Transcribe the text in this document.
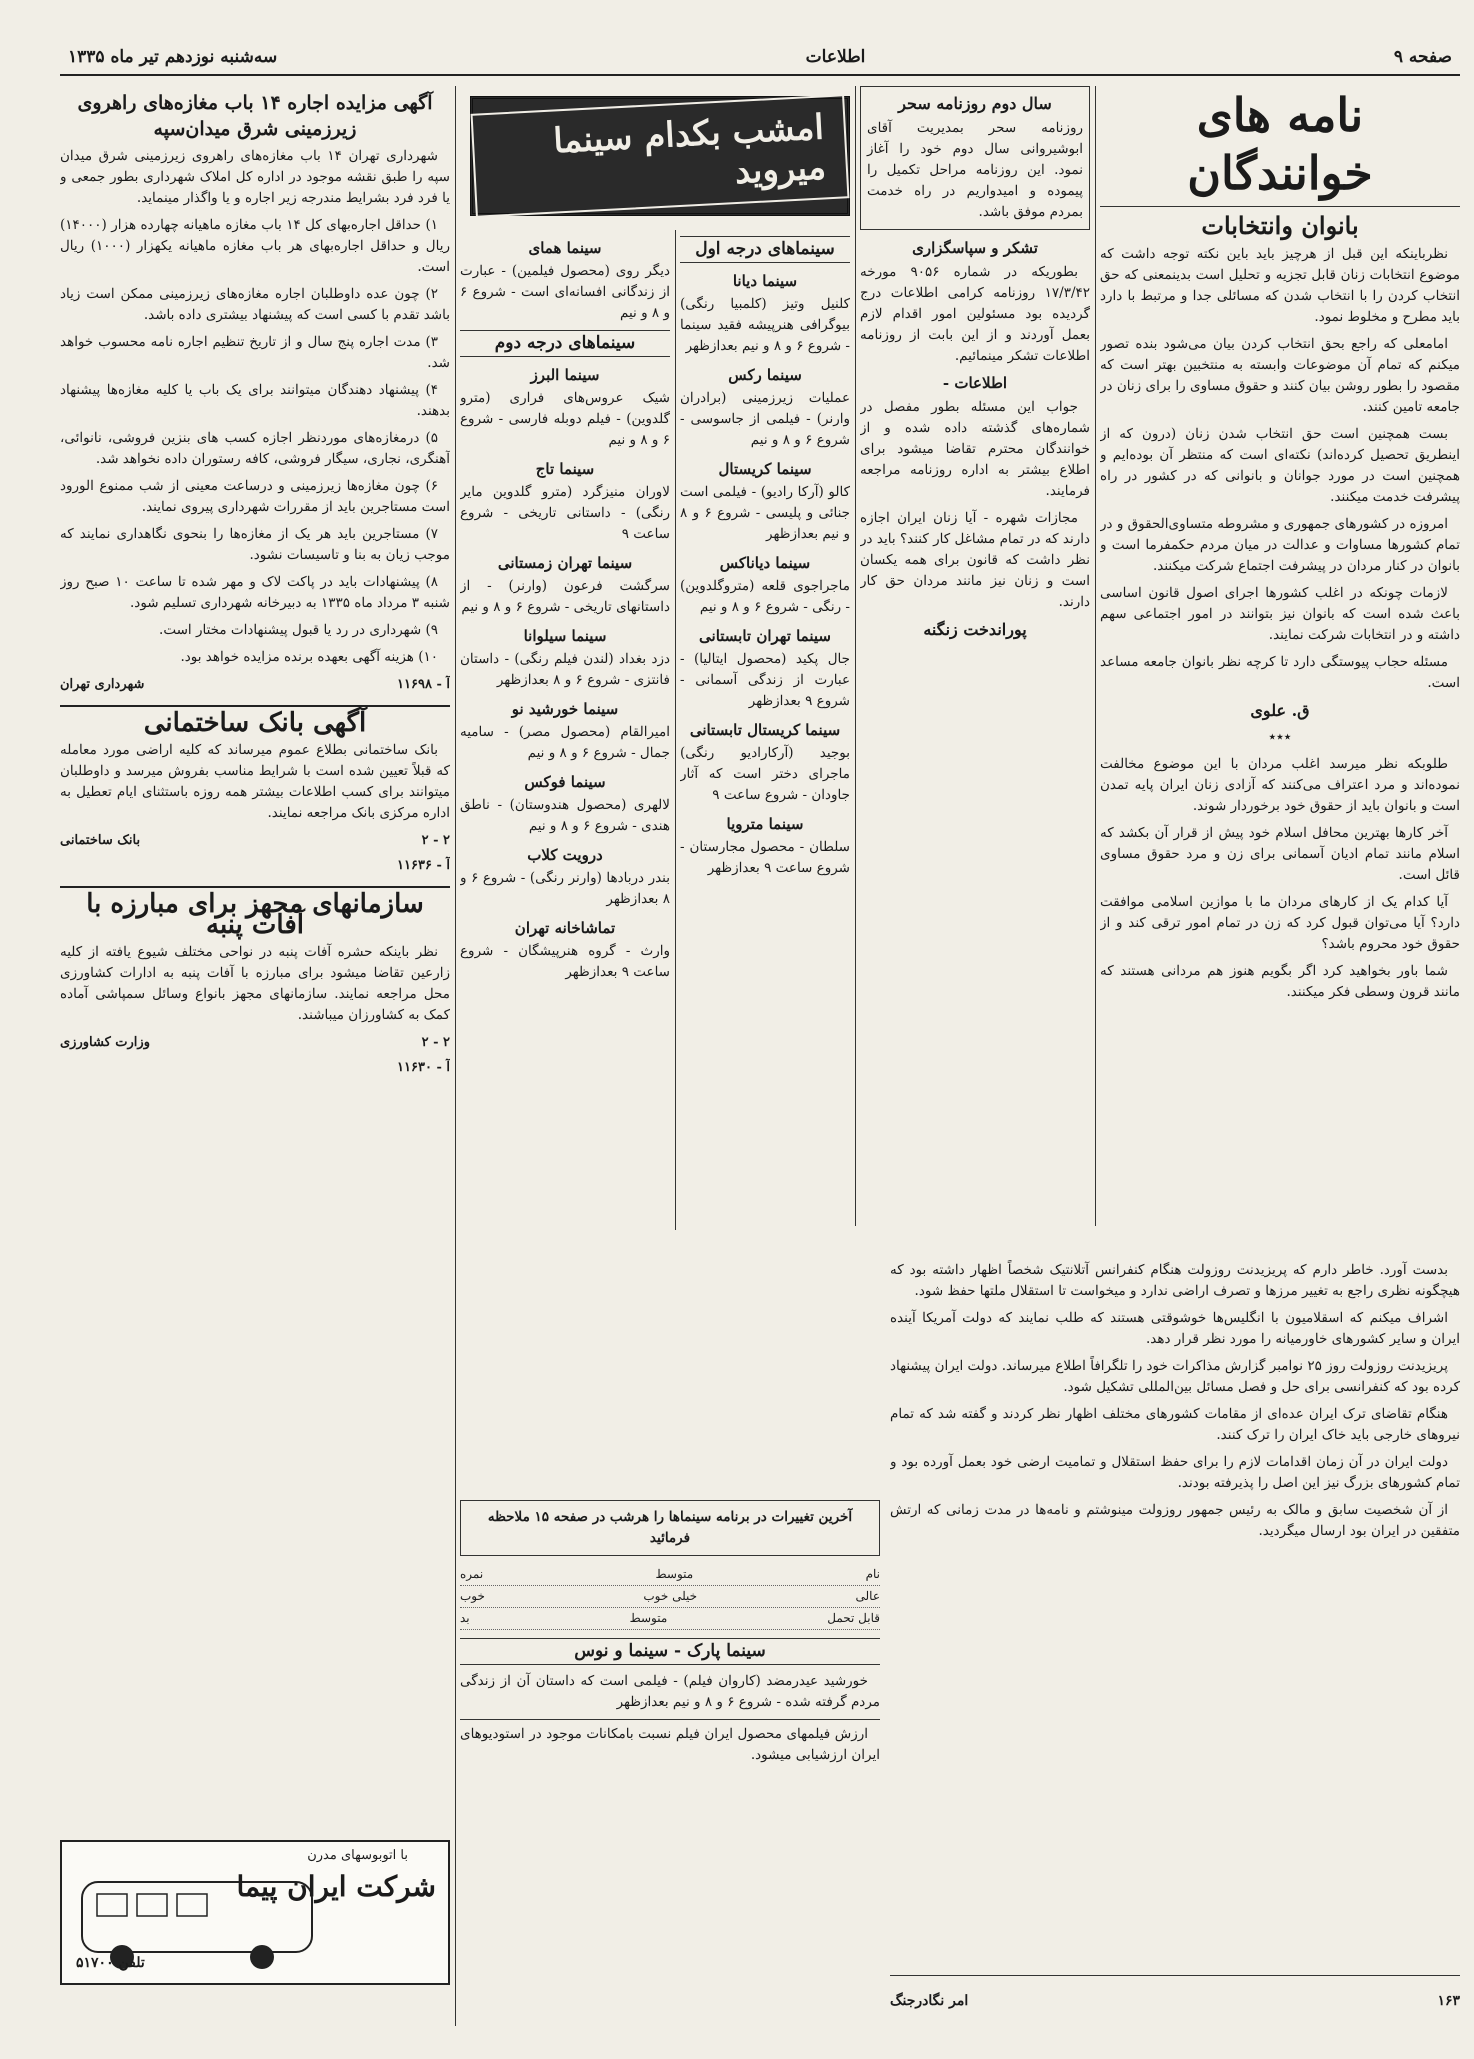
صفحه ۹
اطلاعات
سه‌شنبه نوزدهم تیر ماه ۱۳۳۵
نامه های خوانندگان
بانوان وانتخابات

نظرباینکه این‌ قبل از هرچیز باید باین نکته توجه داشت که موضوع انتخابات زنان قابل تجزیه و تحلیل است بدینمعنی که حق انتخاب کردن را با انتخاب شدن که مسائلی جدا و مرتبط با دارد باید مطرح و مخلوط نمود.

امامعلی که راجع بحق انتخاب کردن بیان می‌شود بنده تصور میکنم که تمام آن موضوعات وابسته به منتخبین بهتر است که مقصود را بطور روشن بیان کنند و حقوق مساوی را برای زنان در جامعه تامین کنند.

بست همچنین است حق انتخاب شدن زنان (درون که از اینطریق تحصیل کرده‌اند) نکته‌ای است که منتظر آن بوده‌ایم و همچنین است در مورد جوانان و بانوانی که در کشور در راه پیشرفت خدمت میکنند.

امروزه در کشورهای جمهوری و مشروطه متساوی‌الحقوق و در تمام کشورها مساوات و عدالت در میان مردم حکمفرما است و بانوان در کنار مردان در پیشرفت اجتماع شرکت میکنند.

لازمات چونکه در اغلب کشورها اجرای اصول قانون اساسی باعث شده است که بانوان نیز بتوانند در امور اجتماعی سهم داشته و در انتخابات شرکت نمایند.

مسئله حجاب پیوستگی دارد تا کرچه نظر بانوان جامعه مساعد است.

ق. علوی
٭٭٭

طلوبکه نظر میرسد اغلب مردان با این موضوع مخالفت نموده‌اند و مرد اعتراف می‌کنند که آزادی زنان ایران پایه تمدن است و بانوان باید از حقوق خود برخوردار شوند.

آخر کارها بهترین محافل اسلام خود پیش از قرار آن بکشد که اسلام مانند تمام ادیان آسمانی برای زن و مرد حقوق مساوی قائل است.

آیا کدام یک از کارهای مردان ما با موازین اسلامی موافقت دارد؟ آیا می‌توان قبول کرد که زن در تمام امور ترقی کند و از حقوق خود محروم باشد؟

شما باور بخواهید کرد اگر بگویم هنوز هم مردانی هستند که مانند قرون وسطی فکر میکنند.

سال دوم روزنامه سحر
روزنامه سحر بمدیریت آقای ابوشیروانی سال دوم خود را آغاز نمود. این روزنامه مراحل تکمیل را پیموده و امیدواریم در راه خدمت بمردم موفق باشد.
تشکر و سپاسگزاری

بطوریکه در شماره ۹۰۵۶ مورخه ۱۷/۳/۴۲ روزنامه کرامی اطلاعات درج گردیده بود مسئولین امور اقدام لازم بعمل آوردند و از این بابت از روزنامه اطلاعات تشکر مینمائیم.

اطلاعات -

جواب این مسئله بطور مفصل در شماره‌های گذشته داده شده و از خوانندگان محترم تقاضا میشود برای اطلاع بیشتر به اداره روزنامه مراجعه فرمایند.

مجازات شهره - آیا زنان ایران اجازه دارند که در تمام مشاغل کار کنند؟ باید در نظر داشت که قانون برای همه یکسان است و زنان نیز مانند مردان حق کار دارند.

پوراندخت زنگنه
امشب بکدام سینما میروید
سینماهای درجه اول
سینما دیانا

کلنیل وتیز (کلمبیا رنگی) بیوگرافی هنرپیشه فقید سینما - شروع ۶ و ۸ و نیم بعدازظهر

سینما رکس

عملیات زیرزمینی (برادران وارنر) - فیلمی از جاسوسی - شروع ۶ و ۸ و نیم

سینما کریستال

کالو (آرکا رادیو) - فیلمی است جنائی و پلیسی - شروع ۶ و ۸ و نیم بعدازظهر

سینما دیاناکس

ماجراجوی قلعه (متروگلدوین) - رنگی - شروع ۶ و ۸ و نیم

سینما تهران تابستانی

جال پکید (محصول ایتالیا) - عبارت از زندگی آسمانی - شروع ۹ بعدازظهر

سینما کریستال تابستانی

بوجید (آرکارادیو رنگی) ماجرای دختر است که آثار جاودان - شروع ساعت ۹

سینما مترویا

سلطان - محصول مجارستان - شروع ساعت ۹ بعدازظهر

سینما همای

دیگر روی (محصول فیلمین) - عبارت از زندگانی افسانه‌ای است - شروع ۶ و ۸ و نیم

سینماهای درجه دوم
سینما البرز

شیک عروس‌های فراری (مترو گلدوین) - فیلم دوبله فارسی - شروع ۶ و ۸ و نیم

سینما تاج

لاوران منیزگرد (مترو گلدوین مایر رنگی) - داستانی تاریخی - شروع ساعت ۹

سینما تهران زمستانی

سرگشت فرعون (وارنر) - از داستانهای تاریخی - شروع ۶ و ۸ و نیم

سینما سیلوانا

دزد بغداد (لندن فیلم رنگی) - داستان فانتزی - شروع ۶ و ۸ بعدازظهر

سینما خورشید نو

امیرالقام (محصول مصر) - سامیه جمال - شروع ۶ و ۸ و نیم

سینما فوکس

لالهری (محصول هندوستان) - ناطق هندی - شروع ۶ و ۸ و نیم

درویت کلاب

بندر دربادها (وارنر رنگی) - شروع ۶ و ۸ بعدازظهر

تماشاخانه تهران

وارث - گروه هنرپیشگان - شروع ساعت ۹ بعدازظهر

بدست آورد. خاطر دارم که پریزیدنت روزولت هنگام کنفرانس آتلانتیک شخصاً اظهار داشته بود که هیچگونه نظری راجع به تغییر مرزها و تصرف اراضی ندارد و میخواست تا استقلال ملتها حفظ شود.

اشراف میکنم که اسقلامیون با انگلیس‌ها خوشوقتی هستند که طلب نمایند که دولت آمریکا آینده ایران و سایر کشورهای خاورمیانه را مورد نظر قرار دهد.

پریزیدنت روزولت روز ۲۵ نوامبر گزارش مذاکرات خود را تلگرافاً اطلاع میرساند. دولت ایران پیشنهاد کرده بود که کنفرانسی برای حل و فصل مسائل بین‌المللی تشکیل شود.

هنگام تقاضای ترک ایران عده‌ای از مقامات کشورهای مختلف اظهار نظر کردند و گفته شد که تمام نیروهای خارجی باید خاک ایران را ترک کنند.

دولت ایران در آن زمان اقدامات لازم را برای حفظ استقلال و تمامیت ارضی خود بعمل آورده بود و تمام کشورهای بزرگ نیز این اصل را پذیرفته بودند.

از آن شخصیت سابق و مالک به رئیس جمهور روزولت مینوشتم و نامه‌ها در مدت زمانی که ارتش متفقین در ایران بود ارسال میگردید.

۱۶۳
امر نگادرجنگ
آخرین تغییرات در برنامه سینماها را هرشب در صفحه ۱۵ ملاحظه فرمائید
نام
متوسط
نمره
عالی
خیلی خوب
خوب
قابل تحمل
متوسط
بد
سینما پارک - سینما و نوس

خورشید عیدرمضد (کاروان فیلم) - فیلمی است که داستان آن از زندگی مردم گرفته شده - شروع ۶ و ۸ و نیم بعدازظهر

ارزش فیلمهای محصول ایران فیلم نسبت بامکانات موجود در استودیوهای ایران ارزشیابی میشود.

آگهی مزایده اجاره ۱۴ باب مغازه‌های راهروی زیرزمینی شرق میدان‌سپه

شهرداری تهران ۱۴ باب مغازه‌های راهروی زیرزمینی شرق میدان سپه را طبق نقشه موجود در اداره کل املاک شهرداری بطور جمعی و یا فرد فرد بشرایط مندرجه زیر اجاره و یا واگذار مینماید.

۱) حداقل اجاره‌بهای کل ۱۴ باب مغازه ماهیانه چهارده هزار (۱۴۰۰۰) ریال و حداقل اجاره‌بهای هر باب مغازه ماهیانه یکهزار (۱۰۰۰) ریال است.

۲) چون عده داوطلبان اجاره مغازه‌های زیرزمینی ممکن است زیاد باشد تقدم با کسی است که پیشنهاد بیشتری داده باشد.

۳) مدت اجاره پنج سال و از تاریخ تنظیم اجاره نامه محسوب خواهد شد.

۴) پیشنهاد دهندگان میتوانند برای یک باب یا کلیه مغازه‌ها پیشنهاد بدهند.

۵) درمغازه‌های موردنظر اجازه کسب های بنزین فروشی، نانوائی، آهنگری، نجاری، سیگار فروشی، کافه رستوران داده نخواهد شد.

۶) چون مغازه‌ها زیرزمینی و درساعت معینی از شب ممنوع الورود است مستاجرین باید از مقررات شهرداری پیروی نمایند.

۷) مستاجرین باید هر یک از مغازه‌ها را بنحوی نگاهداری نمایند که موجب زیان به بنا و تاسیسات نشود.

۸) پیشنهادات باید در پاکت لاک و مهر شده تا ساعت ۱۰ صبح روز شنبه ۳ مرداد ماه ۱۳۳۵ به دبیرخانه شهرداری تسلیم شود.

۹) شهرداری در رد یا قبول پیشنهادات مختار است.

۱۰) هزینه آگهی بعهده برنده مزایده خواهد بود.

آ - ۱۱۶۹۸
شهرداری تهران
آگهی بانک ساختمانی

بانک ساختمانی بطلاع عموم میرساند که کلیه اراضی مورد معامله که قبلاً تعیین شده است با شرایط مناسب بفروش میرسد و داوطلبان میتوانند برای کسب اطلاعات بیشتر همه روزه باستثنای ایام تعطیل به اداره مرکزی بانک مراجعه نمایند.

۲ - ۲
بانک ساختمانی
آ - ۱۱۶۳۶
سازمانهای مجهز برای مبارزه با آفات پنبه

نظر باینکه حشره آفات پنبه در نواحی مختلف شیوع یافته از کلیه زارعین تقاضا میشود برای مبارزه با آفات پنبه به ادارات کشاورزی محل مراجعه نمایند. سازمانهای مجهز بانواع وسائل سمپاشی آماده کمک به کشاورزان میباشند.

۲ - ۲
وزارت کشاورزی
آ - ۱۱۶۳۰
با اتوبوسهای مدرن
شرکت ایران پیما
تلفن ۵۱۷۰۰
